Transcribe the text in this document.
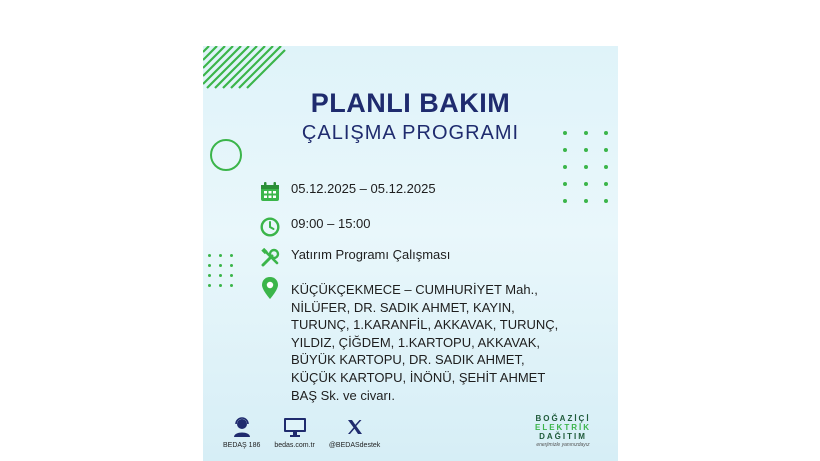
PLANLI BAKIM
ÇALIŞMA PROGRAMI
05.12.2025 – 05.12.2025
09:00 – 15:00
Yatırım Programı Çalışması
KÜÇÜKÇEKMECE – CUMHURİYET Mah., NİLÜFER, DR. SADIK AHMET, KAYIN, TURUNÇ, 1.KARANFİL, AKKAVAK, TURUNÇ, YILDIZ, ÇİĞDEM, 1.KARTOPU, AKKAVAK, BÜYÜK KARTOPU, DR. SADIK AHMET, KÜÇÜK KARTOPU, İNÖNÜ, ŞEHİT AHMET BAŞ Sk. ve civarı.
BEDAŞ 186 bedas.com.tr @BEDASdestek
BOĞAZİÇİ
ELEKTRİK
DAĞITIM
enerjimizle yanınızdayız
